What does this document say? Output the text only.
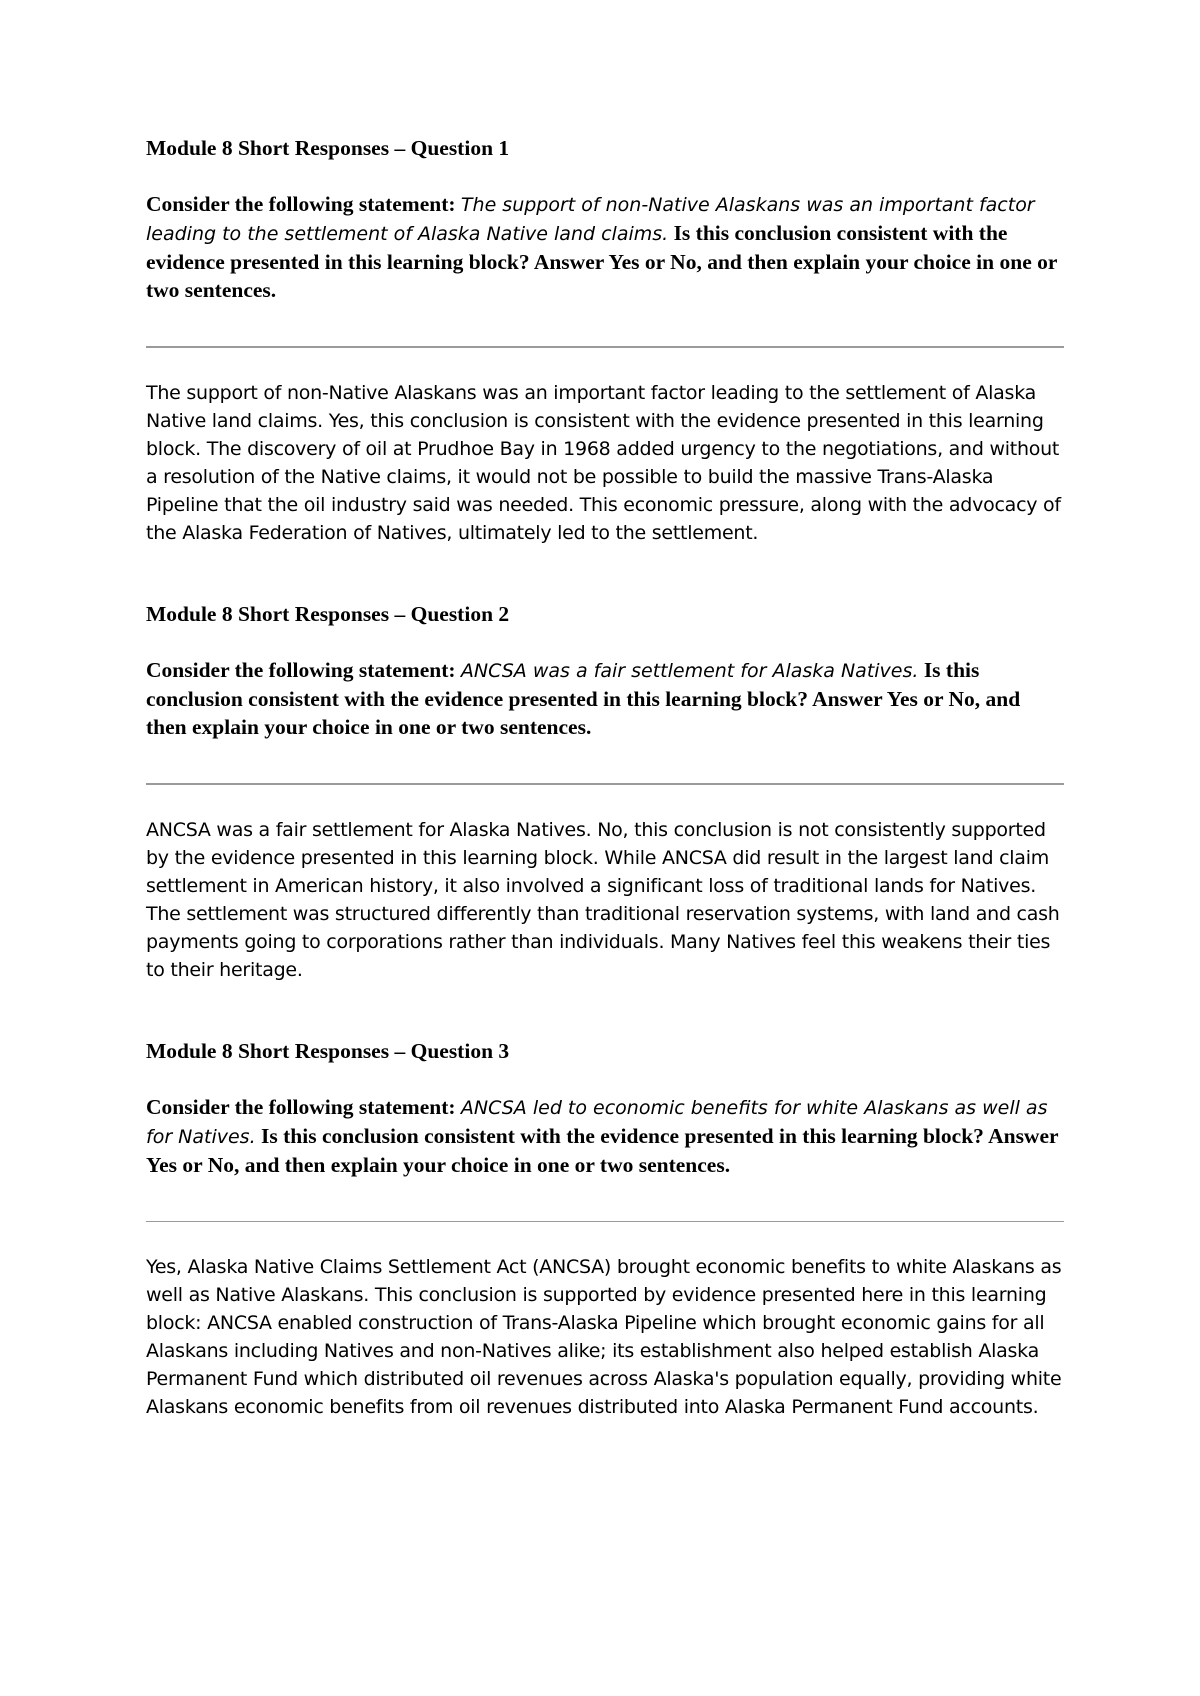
Module 8 Short Responses – Question 1

Consider the following statement: The support of non-Native Alaskans was an important factor leading to the settlement of Alaska Native land claims. Is this conclusion consistent with the evidence presented in this learning block? Answer Yes or No, and then explain your choice in one or two sentences.

The support of non-Native Alaskans was an important factor leading to the settlement of Alaska Native land claims. Yes, this conclusion is consistent with the evidence presented in this learning block. The discovery of oil at Prudhoe Bay in 1968 added urgency to the negotiations, and without a resolution of the Native claims, it would not be possible to build the massive Trans-Alaska Pipeline that the oil industry said was needed. This economic pressure, along with the advocacy of the Alaska Federation of Natives, ultimately led to the settlement.

Module 8 Short Responses – Question 2

Consider the following statement: ANCSA was a fair settlement for Alaska Natives. Is this conclusion consistent with the evidence presented in this learning block? Answer Yes or No, and then explain your choice in one or two sentences.

ANCSA was a fair settlement for Alaska Natives. No, this conclusion is not consistently supported by the evidence presented in this learning block. While ANCSA did result in the largest land claim settlement in American history, it also involved a significant loss of traditional lands for Natives. The settlement was structured differently than traditional reservation systems, with land and cash payments going to corporations rather than individuals. Many Natives feel this weakens their ties to their heritage.

Module 8 Short Responses – Question 3

Consider the following statement: ANCSA led to economic benefits for white Alaskans as well as for Natives. Is this conclusion consistent with the evidence presented in this learning block? Answer Yes or No, and then explain your choice in one or two sentences.

Yes, Alaska Native Claims Settlement Act (ANCSA) brought economic benefits to white Alaskans as well as Native Alaskans. This conclusion is supported by evidence presented here in this learning block: ANCSA enabled construction of Trans-Alaska Pipeline which brought economic gains for all Alaskans including Natives and non-Natives alike; its establishment also helped establish Alaska Permanent Fund which distributed oil revenues across Alaska's population equally, providing white Alaskans economic benefits from oil revenues distributed into Alaska Permanent Fund accounts.
